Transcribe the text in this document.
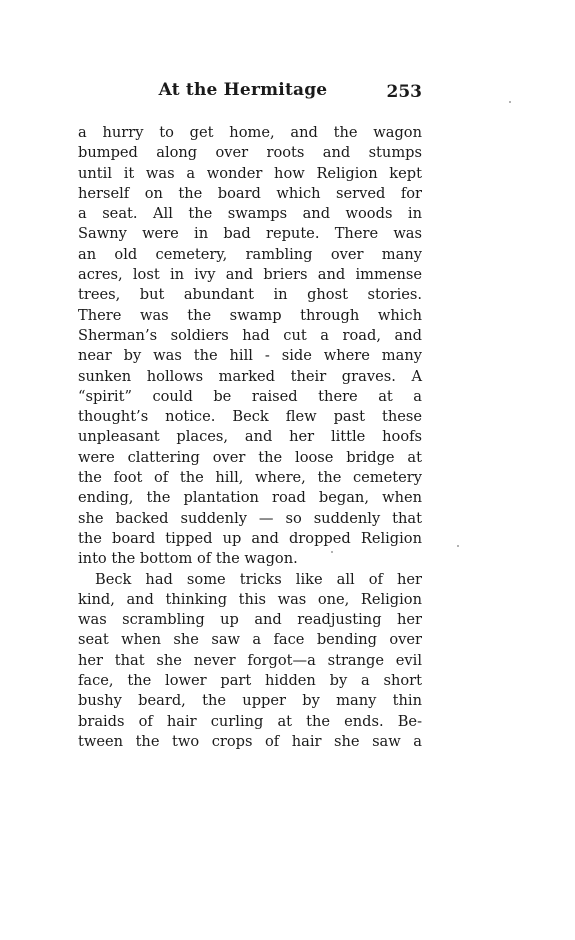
At the Hermitage	253
a hurry to get home, and the wagon
bumped along over roots and stumps
until it was a wonder how Religion kept
herself on the board which served for
a seat. All the swamps and woods in
Sawny were in bad repute. There was
an old cemetery, rambling over many
acres, lost in ivy and briers and immense
trees, but abundant in ghost stories.
There was the swamp through which
Sherman’s soldiers had cut a road, and
near by was the hill - side where many
sunken hollows marked their graves. A
“spirit” could be raised there at a
thought’s notice. Beck flew past these
unpleasant places, and her little hoofs
were clattering over the loose bridge at
the foot of the hill, where, the cemetery
ending, the plantation road began, when
she backed suddenly — so suddenly that
the board tipped up and dropped Religion
into the bottom of the wagon.
Beck had some tricks like all of her
kind, and thinking this was one, Religion
was scrambling up and readjusting her
seat when she saw a face bending over
her that she never forgot—a strange evil
face, the lower part hidden by a short
bushy beard, the upper by many thin
braids of hair curling at the ends. Be-
tween the two crops of hair she saw a
